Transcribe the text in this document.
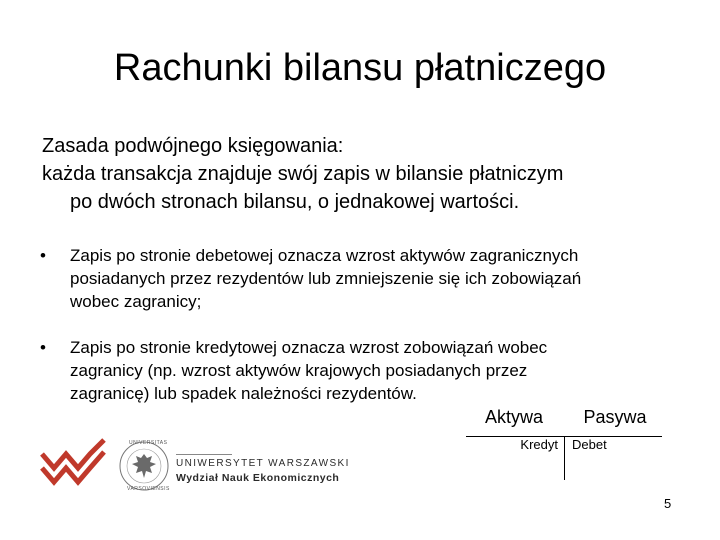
Rachunki bilansu płatniczego
Zasada podwójnego księgowania:
każda transakcja znajduje swój zapis w bilansie płatniczym
po dwóch stronach bilansu, o jednakowej wartości.
• Zapis po stronie debetowej oznacza wzrost aktywów zagranicznych
posiadanych przez rezydentów lub zmniejszenie się ich zobowiązań
wobec zagranicy;
• Zapis po stronie kredytowej oznacza wzrost zobowiązań wobec
zagranicy (np. wzrost aktywów krajowych posiadanych przez
zagranicę) lub spadek należności rezydentów.
Aktywa	Pasywa
Kredyt Debet
UNIVERSITAS
VARSOVIENSIS
UNIWERSYTET WARSZAWSKI
Wydział Nauk Ekonomicznych
5
